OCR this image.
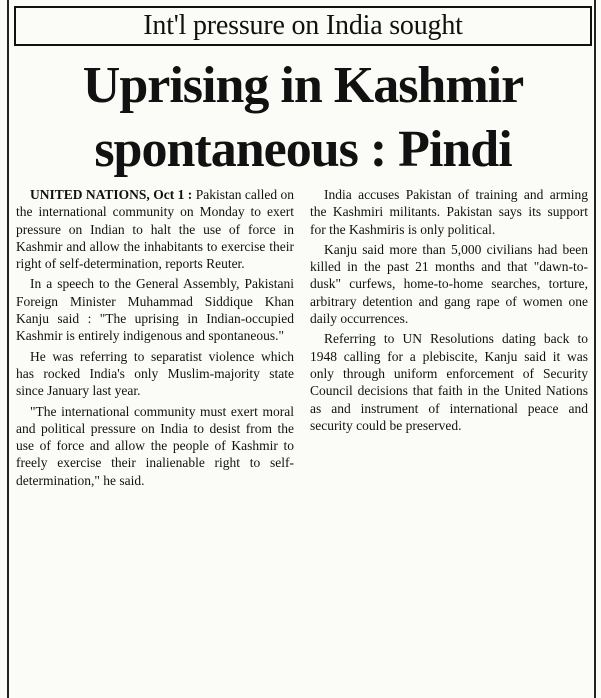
Int'l pressure on India sought
Uprising in Kashmir
spontaneous : Pindi

UNITED NATIONS, Oct 1 : Pakistan called on the international community on Monday to exert pressure on Indian to halt the use of force in Kashmir and allow the inhabitants to exercise their right of self-determination, reports Reuter.

In a speech to the General Assembly, Pakistani Foreign Minister Muhammad Siddique Khan Kanju said : "The uprising in Indian-occupied Kashmir is entirely indigenous and spontaneous."

He was referring to separatist violence which has rocked India's only Muslim-majority state since January last year.

"The international community must exert moral and political pressure on India to desist from the use of force and allow the people of Kashmir to freely exercise their inalienable right to self-determination," he said.

India accuses Pakistan of training and arming the Kashmiri militants. Pakistan says its support for the Kashmiris is only political.

Kanju said more than 5,000 civilians had been killed in the past 21 months and that "dawn-to-dusk" curfews, home-to-home searches, torture, arbitrary detention and gang rape of women one daily occurrences.

Referring to UN Resolutions dating back to 1948 calling for a plebiscite, Kanju said it was only through uniform enforcement of Security Council decisions that faith in the United Nations as and instrument of international peace and security could be preserved.
